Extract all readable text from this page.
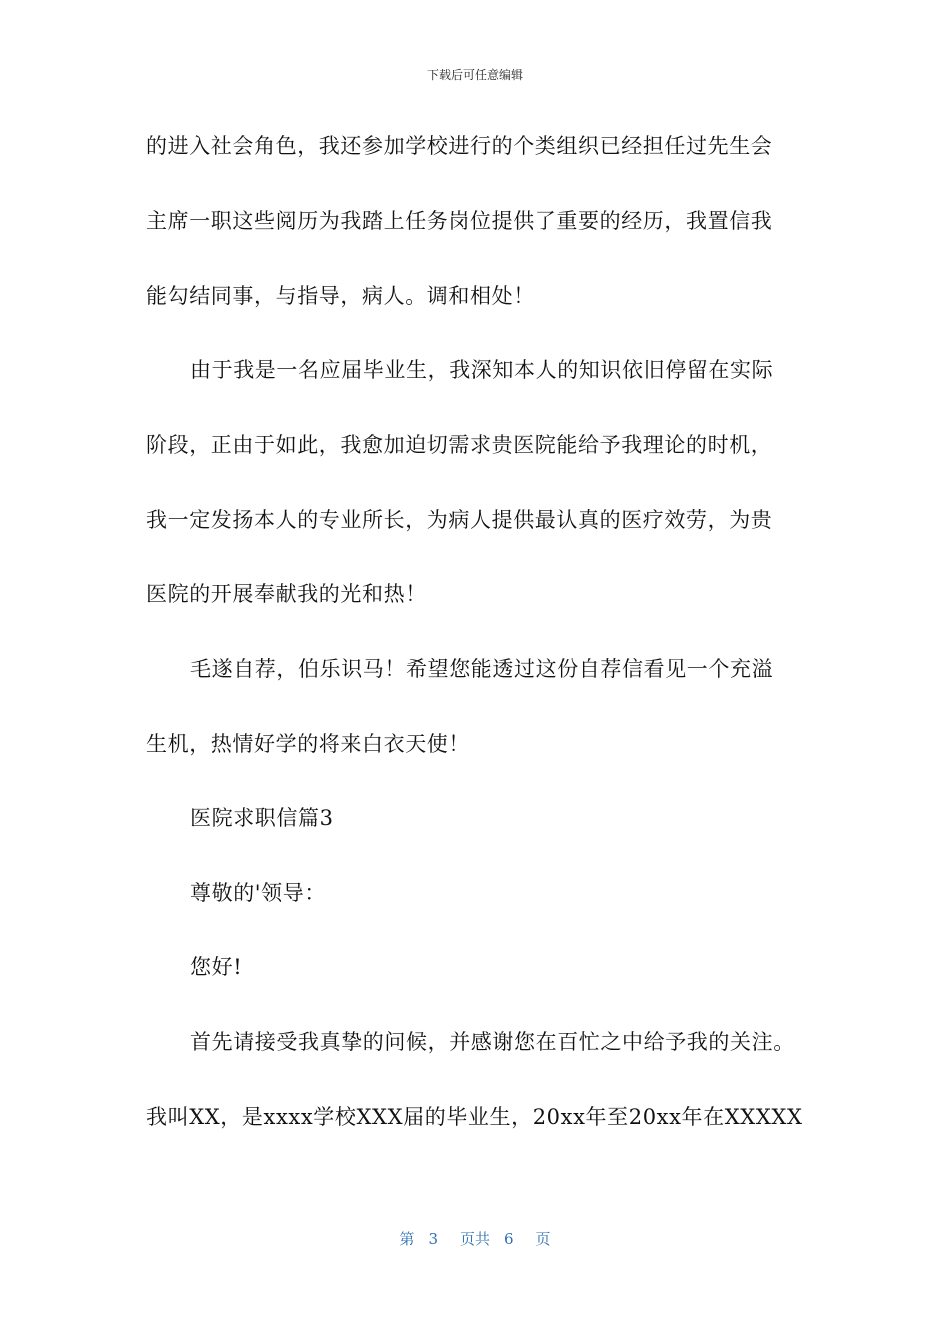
下载后可任意编辑
的进入社会角色，我还参加学校进行的个类组织已经担任过先生会
主席一职这些阅历为我踏上任务岗位提供了重要的经历，我置信我
能勾结同事，与指导，病人。调和相处！
由于我是一名应届毕业生，我深知本人的知识依旧停留在实际
阶段，正由于如此，我愈加迫切需求贵医院能给予我理论的时机，
我一定发扬本人的专业所长，为病人提供最认真的医疗效劳，为贵
医院的开展奉献我的光和热！
毛遂自荐，伯乐识马！希望您能透过这份自荐信看见一个充溢
生机，热情好学的将来白衣天使！
医院求职信篇3
尊敬的'领导：
您好!
首先请接受我真挚的问候，并感谢您在百忙之中给予我的关注。
我叫XX，是xxxx学校XXX届的毕业生，20xx年至20xx年在XXXXX
第 3 页共 6 页
